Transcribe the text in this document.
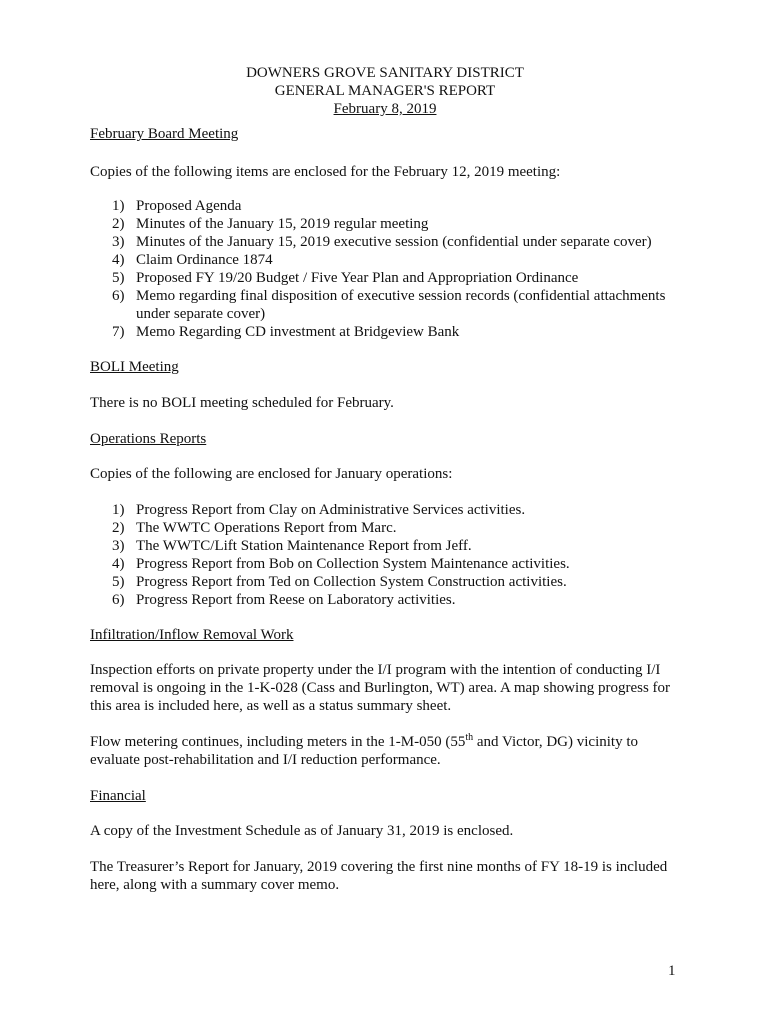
DOWNERS GROVE SANITARY DISTRICT
GENERAL MANAGER'S REPORT
February 8, 2019
February Board Meeting

Copies of the following items are enclosed for the February 12, 2019 meeting:

1) Proposed Agenda
2) Minutes of the January 15, 2019 regular meeting
3) Minutes of the January 15, 2019 executive session (confidential under separate cover)
4) Claim Ordinance 1874
5) Proposed FY 19/20 Budget / Five Year Plan and Appropriation Ordinance
6) Memo regarding final disposition of executive session records (confidential attachments under separate cover)
7) Memo Regarding CD investment at Bridgeview Bank
BOLI Meeting

There is no BOLI meeting scheduled for February.

Operations Reports

Copies of the following are enclosed for January operations:

1) Progress Report from Clay on Administrative Services activities.
2) The WWTC Operations Report from Marc.
3) The WWTC/Lift Station Maintenance Report from Jeff.
4) Progress Report from Bob on Collection System Maintenance activities.
5) Progress Report from Ted on Collection System Construction activities.
6) Progress Report from Reese on Laboratory activities.
Infiltration/Inflow Removal Work

Inspection efforts on private property under the I/I program with the intention of conducting I/I removal is ongoing in the 1-K-028 (Cass and Burlington, WT) area. A map showing progress for this area is included here, as well as a status summary sheet.

Flow metering continues, including meters in the 1-M-050 (55th and Victor, DG) vicinity to evaluate post-rehabilitation and I/I reduction performance.

Financial

A copy of the Investment Schedule as of January 31, 2019 is enclosed.

The Treasurer’s Report for January, 2019 covering the first nine months of FY 18-19 is included here, along with a summary cover memo.

1
